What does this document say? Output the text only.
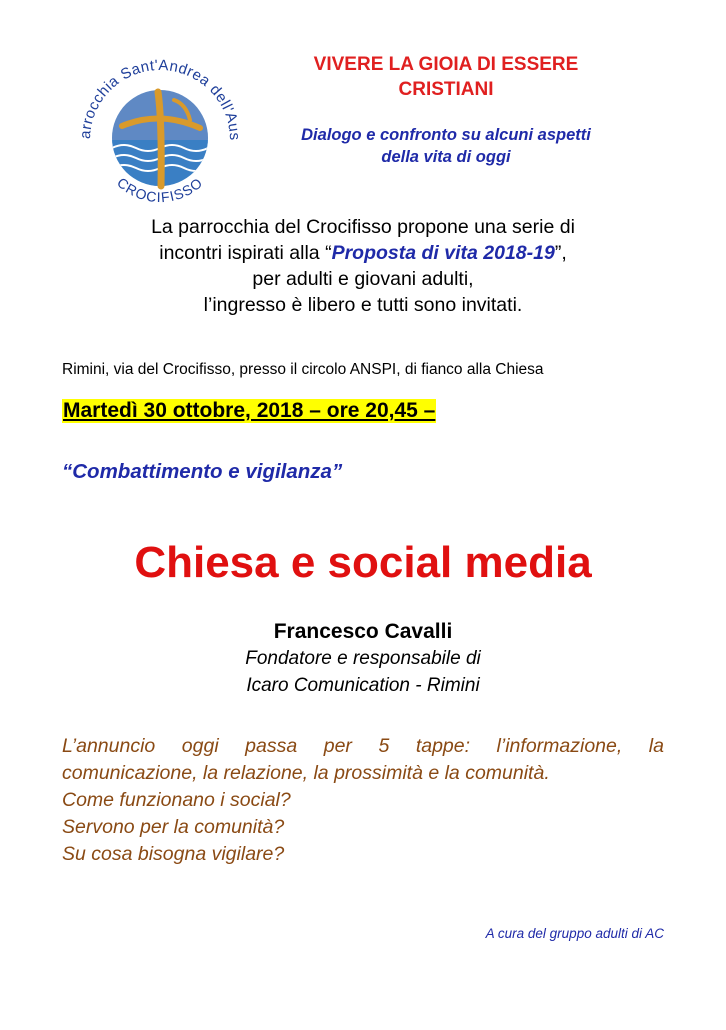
arrocchia Sant'Andrea dell'Aus
CROCIFISSO
VIVERE LA GIOIA DI ESSERE
CRISTIANI
Dialogo e confronto su alcuni aspetti
della vita di oggi
La parrocchia del Crocifisso propone una serie di
incontri ispirati alla “Proposta di vita 2018-19”,
per adulti e giovani adulti,
l’ingresso è libero e tutti sono invitati.
Rimini, via del Crocifisso, presso il circolo ANSPI, di fianco alla Chiesa
Martedì 30 ottobre, 2018 – ore 20,45 –
“Combattimento e vigilanza”
Chiesa e social media
Francesco Cavalli
Fondatore e responsabile di
Icaro Comunication - Rimini
L’annuncio oggi passa per 5 tappe: l’informazione, la
comunicazione, la relazione, la prossimità e la comunità.
Come funzionano i social?
Servono per la comunità?
Su cosa bisogna vigilare?
A cura del gruppo adulti di AC
